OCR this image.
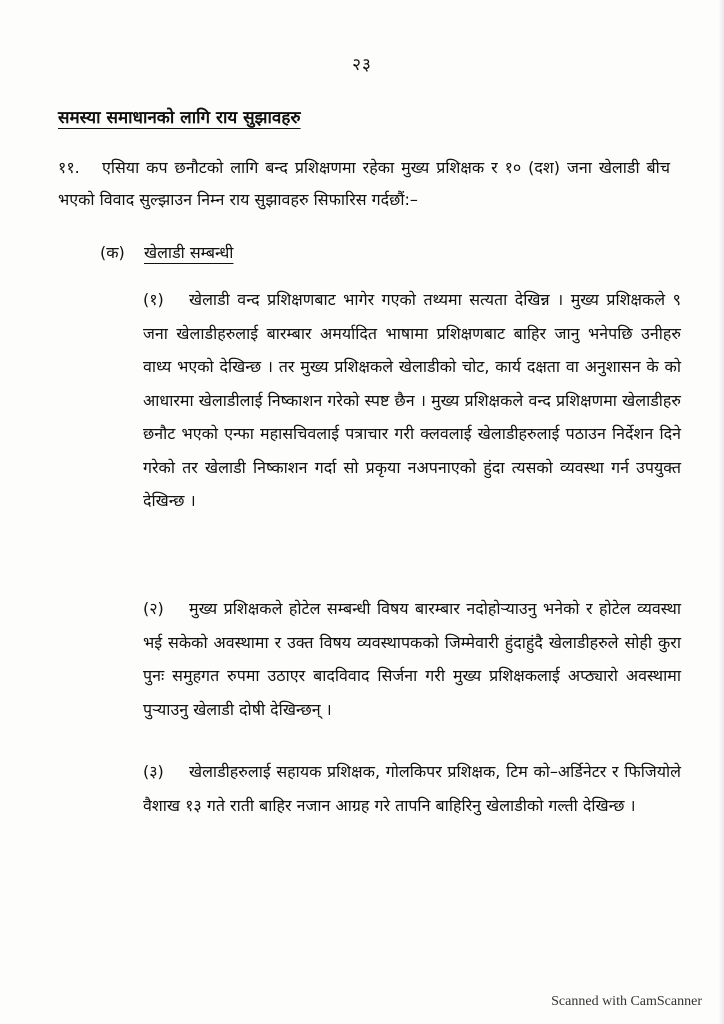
२३
समस्या समाधानको लागि राय सुझावहरु
११. एसिया कप छनौटको लागि बन्द प्रशिक्षणमा रहेका मुख्य प्रशिक्षक र १० (दश) जना खेलाडी बीच भएको विवाद सुल्झाउन निम्न राय सुझावहरु सिफारिस गर्दछौं:–
(क) खेलाडी सम्बन्धी
(१) खेलाडी वन्द प्रशिक्षणबाट भागेर गएको तथ्यमा सत्यता देखिन्न । मुख्य प्रशिक्षकले ९ जना खेलाडीहरुलाई बारम्बार अमर्यादित भाषामा प्रशिक्षणबाट बाहिर जानु भनेपछि उनीहरु वाध्य भएको देखिन्छ । तर मुख्य प्रशिक्षकले खेलाडीको चोट, कार्य दक्षता वा अनुशासन के को आधारमा खेलाडीलाई निष्काशन गरेको स्पष्ट छैन । मुख्य प्रशिक्षकले वन्द प्रशिक्षणमा खेलाडीहरु छनौट भएको एन्फा महासचिवलाई पत्राचार गरी क्लवलाई खेलाडीहरुलाई पठाउन निर्देशन दिने गरेको तर खेलाडी निष्काशन गर्दा सो प्रकृया नअपनाएको हुंदा त्यसको व्यवस्था गर्न उपयुक्त देखिन्छ ।
(२) मुख्य प्रशिक्षकले होटेल सम्बन्धी विषय बारम्बार नदोहोऱ्याउनु भनेको र होटेल व्यवस्था भई सकेको अवस्थामा र उक्त विषय व्यवस्थापकको जिम्मेवारी हुंदाहुंदै खेलाडीहरुले सोही कुरा पुनः समुहगत रुपमा उठाएर बादविवाद सिर्जना गरी मुख्य प्रशिक्षकलाई अप्ठ्यारो अवस्थामा पुऱ्याउनु खेलाडी दोषी देखिन्छन् ।
(३) खेलाडीहरुलाई सहायक प्रशिक्षक, गोलकिपर प्रशिक्षक, टिम को–अर्डिनेटर र फिजियोले वैशाख १३ गते राती बाहिर नजान आग्रह गरे तापनि बाहिरिनु खेलाडीको गल्ती देखिन्छ ।
Scanned with CamScanner
